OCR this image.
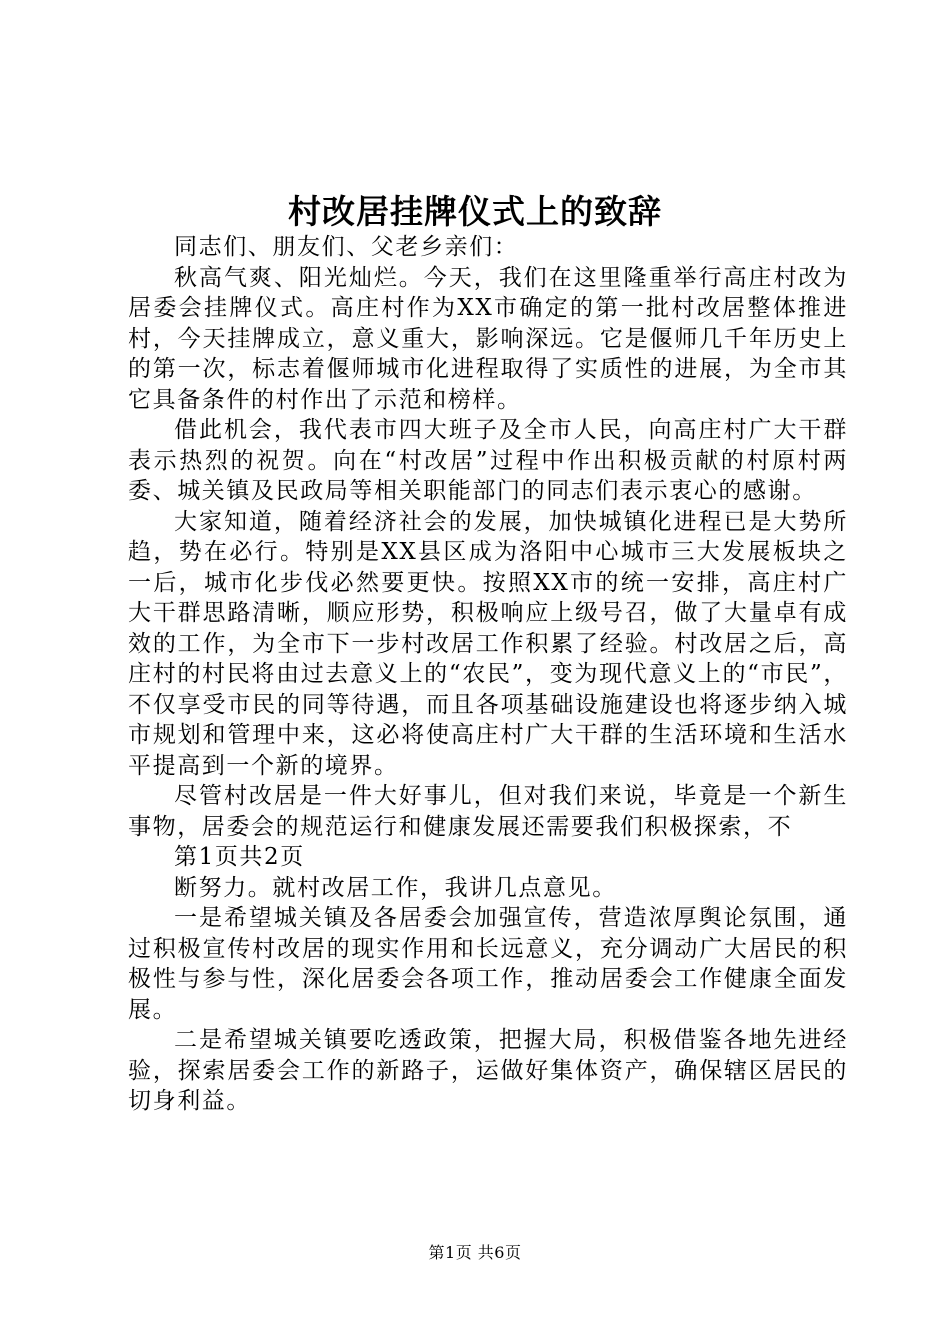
村改居挂牌仪式上的致辞

同志们、朋友们、父老乡亲们：

秋高气爽、阳光灿烂。今天，我们在这里隆重举行高庄村改为居委会挂牌仪式。高庄村作为XX市确定的第一批村改居整体推进村，今天挂牌成立，意义重大，影响深远。它是偃师几千年历史上的第一次，标志着偃师城市化进程取得了实质性的进展，为全市其它具备条件的村作出了示范和榜样。

借此机会，我代表市四大班子及全市人民，向高庄村广大干群表示热烈的祝贺。向在“村改居”过程中作出积极贡献的村原村两委、城关镇及民政局等相关职能部门的同志们表示衷心的感谢。

大家知道，随着经济社会的发展，加快城镇化进程已是大势所趋，势在必行。特别是XX县区成为洛阳中心城市三大发展板块之一后，城市化步伐必然要更快。按照XX市的统一安排，高庄村广大干群思路清晰，顺应形势，积极响应上级号召，做了大量卓有成效的工作，为全市下一步村改居工作积累了经验。村改居之后，高庄村的村民将由过去意义上的“农民”，变为现代意义上的“市民”，不仅享受市民的同等待遇，而且各项基础设施建设也将逐步纳入城市规划和管理中来，这必将使高庄村广大干群的生活环境和生活水平提高到一个新的境界。

尽管村改居是一件大好事儿，但对我们来说，毕竟是一个新生事物，居委会的规范运行和健康发展还需要我们积极探索，不

第1页共2页

断努力。就村改居工作，我讲几点意见。

一是希望城关镇及各居委会加强宣传，营造浓厚舆论氛围，通过积极宣传村改居的现实作用和长远意义，充分调动广大居民的积极性与参与性，深化居委会各项工作，推动居委会工作健康全面发展。

二是希望城关镇要吃透政策，把握大局，积极借鉴各地先进经验，探索居委会工作的新路子，运做好集体资产，确保辖区居民的切身利益。

第1页 共6页
